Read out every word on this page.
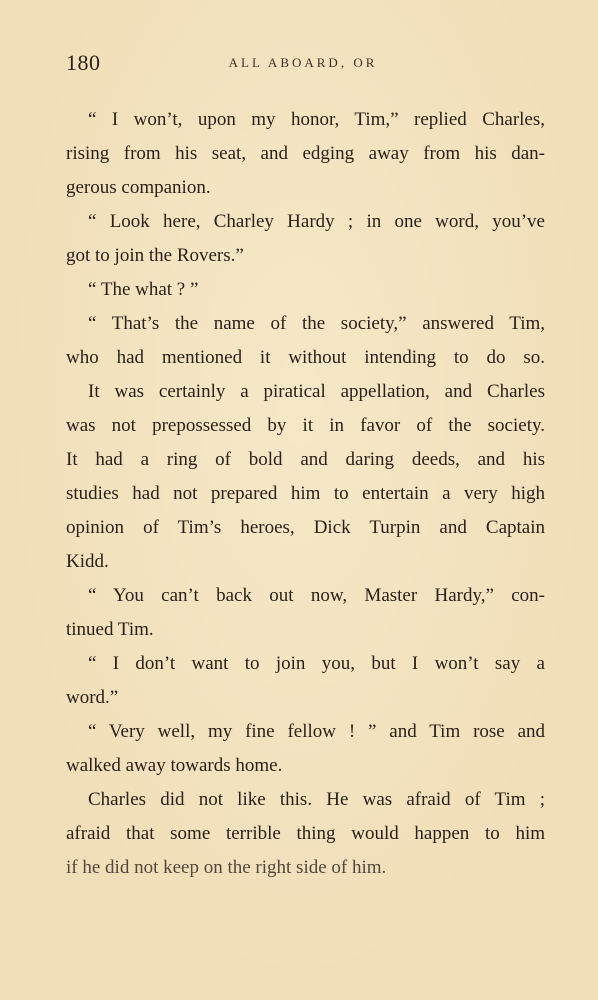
180	ALL ABOARD, OR
“ I won’t, upon my honor, Tim,” replied Charles,
rising from his seat, and edging away from his dan-
gerous companion.
“ Look here, Charley Hardy ; in one word, you’ve
got to join the Rovers.”
“ The what ? ”
“ That’s the name of the society,” answered Tim,
who had mentioned it without intending to do so.
It was certainly a piratical appellation, and Charles
was not prepossessed by it in favor of the society.
It had a ring of bold and daring deeds, and his
studies had not prepared him to entertain a very high
opinion of Tim’s heroes, Dick Turpin and Captain
Kidd.
“ You can’t back out now, Master Hardy,” con-
tinued Tim.
“ I don’t want to join you, but I won’t say a
word.”
“ Very well, my fine fellow ! ” and Tim rose and
walked away towards home.
Charles did not like this. He was afraid of Tim ;
afraid that some terrible thing would happen to him
if he did not keep on the right side of him.
